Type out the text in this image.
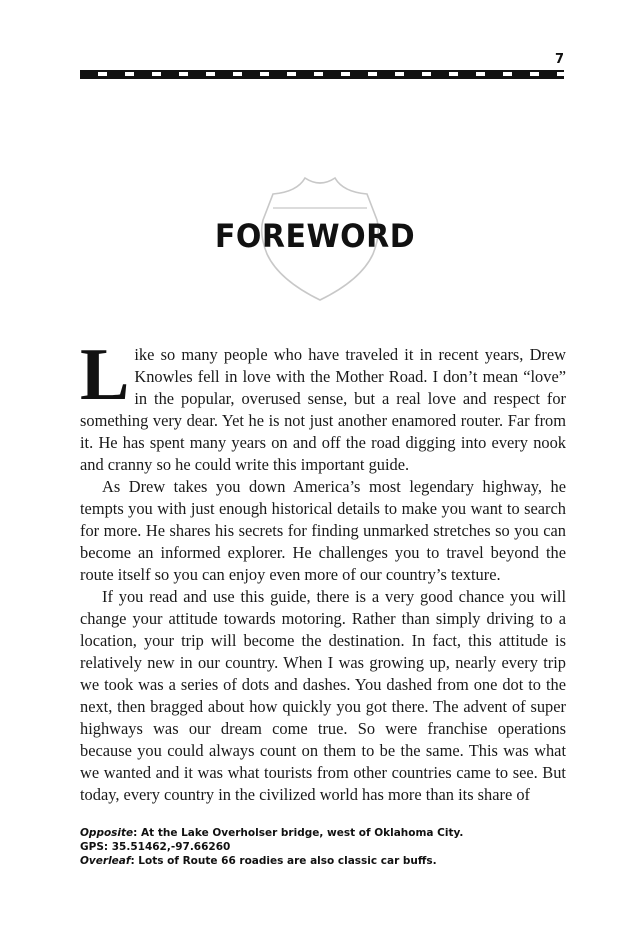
7
FOREWORD

Like so many people who have traveled it in recent years, Drew Knowles fell in love with the Mother Road. I don’t mean “love” in the popular, overused sense, but a real love and respect for something very dear. Yet he is not just another enamored router. Far from it. He has spent many years on and off the road digging into every nook and cranny so he could write this important guide.

As Drew takes you down America’s most legendary highway, he tempts you with just enough historical details to make you want to search for more. He shares his secrets for finding unmarked stretches so you can become an informed explorer. He challenges you to travel beyond the route itself so you can enjoy even more of our country’s texture.

If you read and use this guide, there is a very good chance you will change your attitude towards motoring. Rather than simply driving to a location, your trip will become the destination. In fact, this attitude is relatively new in our country. When I was growing up, nearly every trip we took was a series of dots and dashes. You dashed from one dot to the next, then bragged about how quickly you got there. The advent of super highways was our dream come true. So were franchise operations because you could always count on them to be the same. This was what we wanted and it was what tourists from other countries came to see. But today, every country in the civilized world has more than its share of

Opposite: At the Lake Overholser bridge, west of Oklahoma City.
GPS: 35.51462,-97.66260
Overleaf: Lots of Route 66 roadies are also classic car buffs.
